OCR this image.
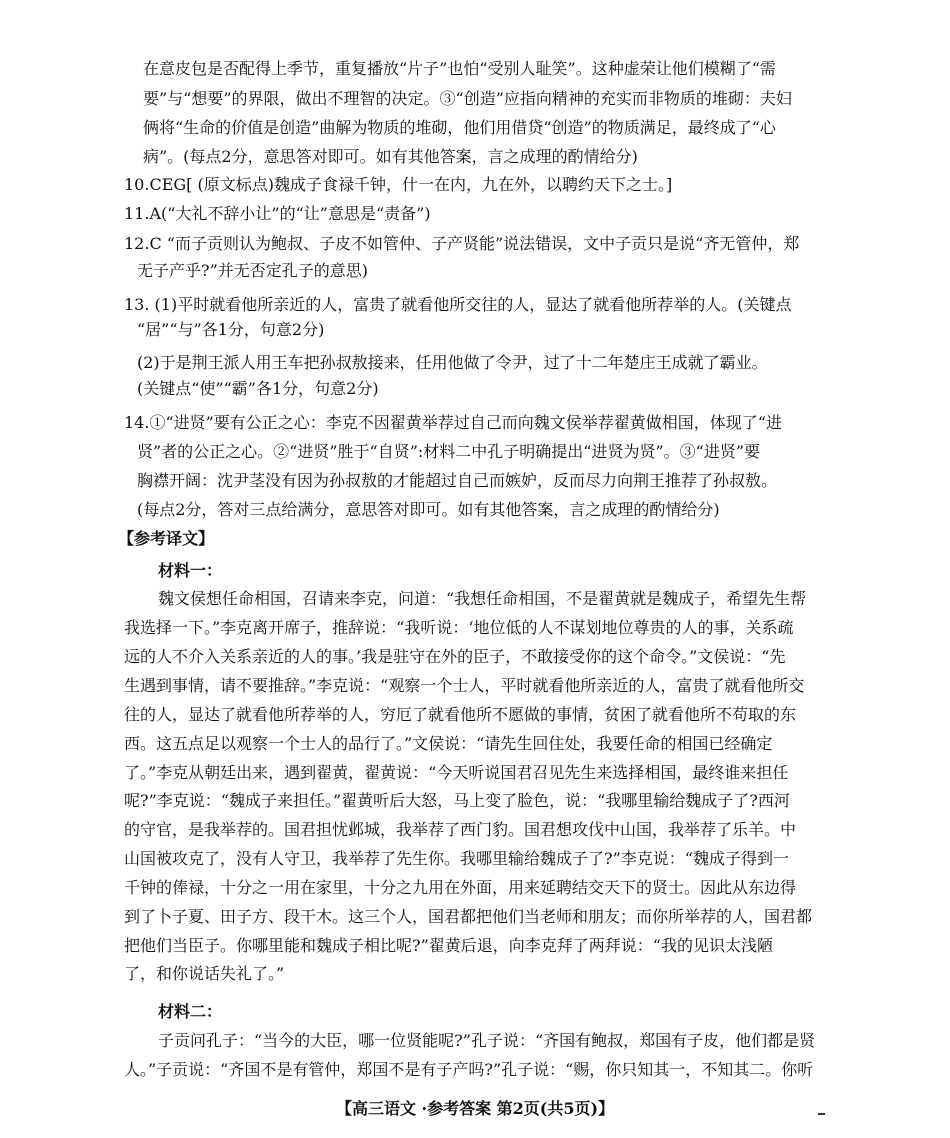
在意皮包是否配得上季节，重复播放“片子”也怕“受别人耻笑”。这种虚荣让他们模糊了“需
要”与“想要”的界限，做出不理智的决定。③“创造”应指向精神的充实而非物质的堆砌：夫妇
俩将“生命的价值是创造”曲解为物质的堆砌，他们用借贷“创造”的物质满足，最终成了“心
病”。(每点2分，意思答对即可。如有其他答案，言之成理的酌情给分)
10.CEG[ (原文标点)魏成子食禄千钟，什一在内，九在外，以聘约天下之士。]
11.A(“大礼不辞小让”的“让”意思是“责备”)
12.C “而子贡则认为鲍叔、子皮不如管仲、子产贤能”说法错误，文中子贡只是说“齐无管仲，郑
无子产乎?”并无否定孔子的意思)
13. (1)平时就看他所亲近的人，富贵了就看他所交往的人，显达了就看他所荐举的人。(关键点
“居”“与”各1分，句意2分)
(2)于是荆王派人用王车把孙叔敖接来，任用他做了令尹，过了十二年楚庄王成就了霸业。
(关键点“使”“霸”各1分，句意2分)
14.①“进贤”要有公正之心：李克不因翟黄举荐过自己而向魏文侯举荐翟黄做相国，体现了“进
贤”者的公正之心。②“进贤”胜于“自贤”:材料二中孔子明确提出“进贤为贤”。③“进贤”要
胸襟开阔：沈尹茎没有因为孙叔敖的才能超过自己而嫉妒，反而尽力向荆王推荐了孙叔敖。
(每点2分，答对三点给满分，意思答对即可。如有其他答案，言之成理的酌情给分)
【参考译文】
材料一：
魏文侯想任命相国，召请来李克，问道：“我想任命相国，不是翟黄就是魏成子，希望先生帮
我选择一下。”李克离开席子，推辞说：“我听说：‘地位低的人不谋划地位尊贵的人的事，关系疏
远的人不介入关系亲近的人的事。’我是驻守在外的臣子，不敢接受你的这个命令。”文侯说：“先
生遇到事情，请不要推辞。”李克说：“观察一个士人，平时就看他所亲近的人，富贵了就看他所交
往的人，显达了就看他所荐举的人，穷厄了就看他所不愿做的事情，贫困了就看他所不苟取的东
西。这五点足以观察一个士人的品行了。”文侯说：“请先生回住处，我要任命的相国已经确定
了。”李克从朝廷出来，遇到翟黄，翟黄说：“今天听说国君召见先生来选择相国，最终谁来担任
呢?”李克说：“魏成子来担任。”翟黄听后大怒，马上变了脸色，说：“我哪里输给魏成子了?西河
的守官，是我举荐的。国君担忧邺城，我举荐了西门豹。国君想攻伐中山国，我举荐了乐羊。中
山国被攻克了，没有人守卫，我举荐了先生你。我哪里输给魏成子了?”李克说：“魏成子得到一
千钟的俸禄，十分之一用在家里，十分之九用在外面，用来延聘结交天下的贤士。因此从东边得
到了卜子夏、田子方、段干木。这三个人，国君都把他们当老师和朋友；而你所举荐的人，国君都
把他们当臣子。你哪里能和魏成子相比呢?”翟黄后退，向李克拜了两拜说：“我的见识太浅陋
了，和你说话失礼了。”
材料二：
子贡问孔子：“当今的大臣，哪一位贤能呢?”孔子说：“齐国有鲍叔，郑国有子皮，他们都是贤
人。”子贡说：“齐国不是有管仲，郑国不是有子产吗?”孔子说：“赐，你只知其一，不知其二。你听
【高三语文 ·参考答案 第2页(共5页)】
